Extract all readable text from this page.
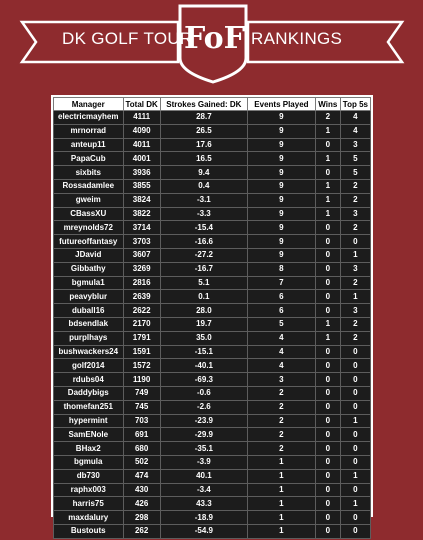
DK GOLF TOUR
FoF RANKINGS
Manager	Total DK	Strokes Gained: DK	Events Played	Wins	Top 5s
electricmayhem	4111	28.7	9	2	4
mrnorrad	4090	26.5	9	1	4
anteup11	4011	17.6	9	0	3
PapaCub	4001	16.5	9	1	5
sixbits	3936	9.4	9	0	5
Rossadamlee	3855	0.4	9	1	2
gweim	3824	-3.1	9	1	2
CBassXU	3822	-3.3	9	1	3
mreynolds72	3714	-15.4	9	0	2
futureoffantasy	3703	-16.6	9	0	0
JDavid	3607	-27.2	9	0	1
Gibbathy	3269	-16.7	8	0	3
bgmula1	2816	5.1	7	0	2
peavyblur	2639	0.1	6	0	1
duball16	2622	28.0	6	0	3
bdsendlak	2170	19.7	5	1	2
purplhays	1791	35.0	4	1	2
bushwackers24	1591	-15.1	4	0	0
golf2014	1572	-40.1	4	0	0
rdubs04	1190	-69.3	3	0	0
Daddybigs	749	-0.6	2	0	0
thomefan251	745	-2.6	2	0	0
hypermint	703	-23.9	2	0	1
SamENole	691	-29.9	2	0	0
BHax2	680	-35.1	2	0	0
bgmula	502	-3.9	1	0	0
db730	474	40.1	1	0	1
raphx003	430	-3.4	1	0	0
harris75	426	43.3	1	0	1
maxdalury	298	-18.9	1	0	0
Bustouts	262	-54.9	1	0	0
